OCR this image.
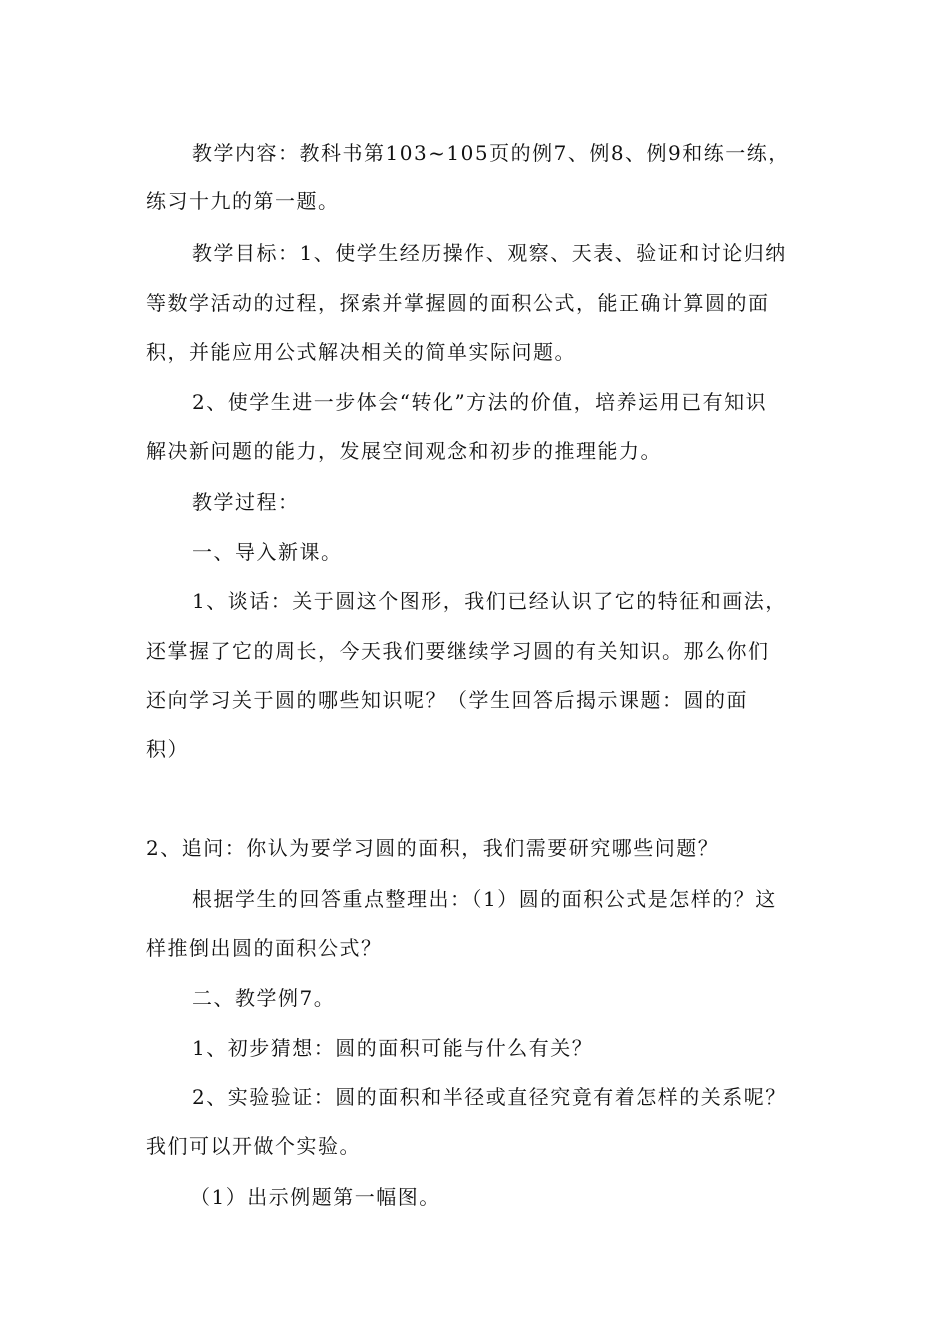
教学内容：教科书第103~105页的例7、例8、例9和练一练，
练习十九的第一题。
教学目标：1、使学生经历操作、观察、天表、验证和讨论归纳
等数学活动的过程，探索并掌握圆的面积公式，能正确计算圆的面
积，并能应用公式解决相关的简单实际问题。
2、使学生进一步体会“转化”方法的价值，培养运用已有知识
解决新问题的能力，发展空间观念和初步的推理能力。
教学过程：
一、导入新课。
1、谈话：关于圆这个图形，我们已经认识了它的特征和画法，
还掌握了它的周长，今天我们要继续学习圆的有关知识。那么你们
还向学习关于圆的哪些知识呢？（学生回答后揭示课题：圆的面
积）
2、追问：你认为要学习圆的面积，我们需要研究哪些问题？
根据学生的回答重点整理出：（1）圆的面积公式是怎样的？这
样推倒出圆的面积公式？
二、教学例7。
1、初步猜想：圆的面积可能与什么有关？
2、实验验证：圆的面积和半径或直径究竟有着怎样的关系呢？
我们可以开做个实验。
（1）出示例题第一幅图。
